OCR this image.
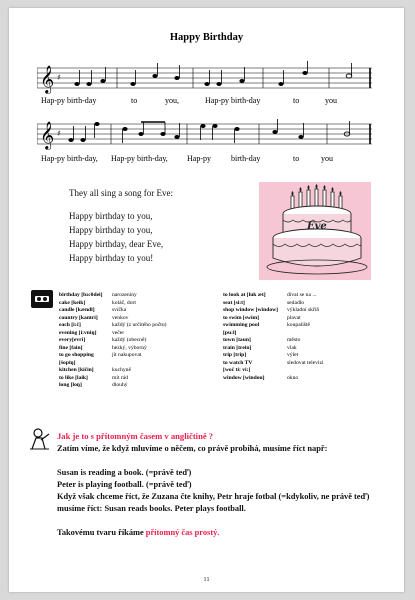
Happy Birthday
𝄞 ♯
Hap-py birth-day	to	you,	Hap-py birth-day	to	you
𝄞 ♯
Hap-py birth-day, Hap-py birth-day, Hap-py	birth-day	to	you
They all sing a song for Eve:
Happy birthday to you,
Happy birthday to you,
Happy birthday, dear Eve,
Happy birthday to you!
Eve
birthday [bə:θdei] narozeniny
cake [keik]	koláč, dort
candle [kændl]	svíčka
country [kantri]	venkov
each [i:č]	každý (z určitého počtu)
evening [i:vniŋ]	večer
every[evri]	každý (obecně)
fine [fain]	hezký, výborný
to go shopping	jít nakupovat
[šopiŋ]
kitchen [kičin]	kuchyně
to like [laik]	mít rád
long [loŋ]	dlouhý
to look at [luk æt]	dívat se na ...
seat [si:t]	sedadlo
shop window [window] výkladní skříň
to swim [swim]	plavat
swimming pool	koupaliště
[pu:l]
town [taun]	město
train [trein]	vlak
trip [trip]	výlet
to watch TV	sledovat televizi
[woč ti: vi:]
window [windou]	okno
Jak je to s přítomným časem v angličtině ?
Zatím víme, že když mluvíme o něčem, co právě probíhá, musíme říct např:
Susan is reading a book. (=právě teď)
Peter is playing football. (=právě teď)
Když však chceme říct, že Zuzana čte knihy, Petr hraje fotbal (=kdykoliv, ne právě teď) musíme říct: Susan reads books. Peter plays football.
Takovému tvaru říkáme přítomný čas prostý.
11
